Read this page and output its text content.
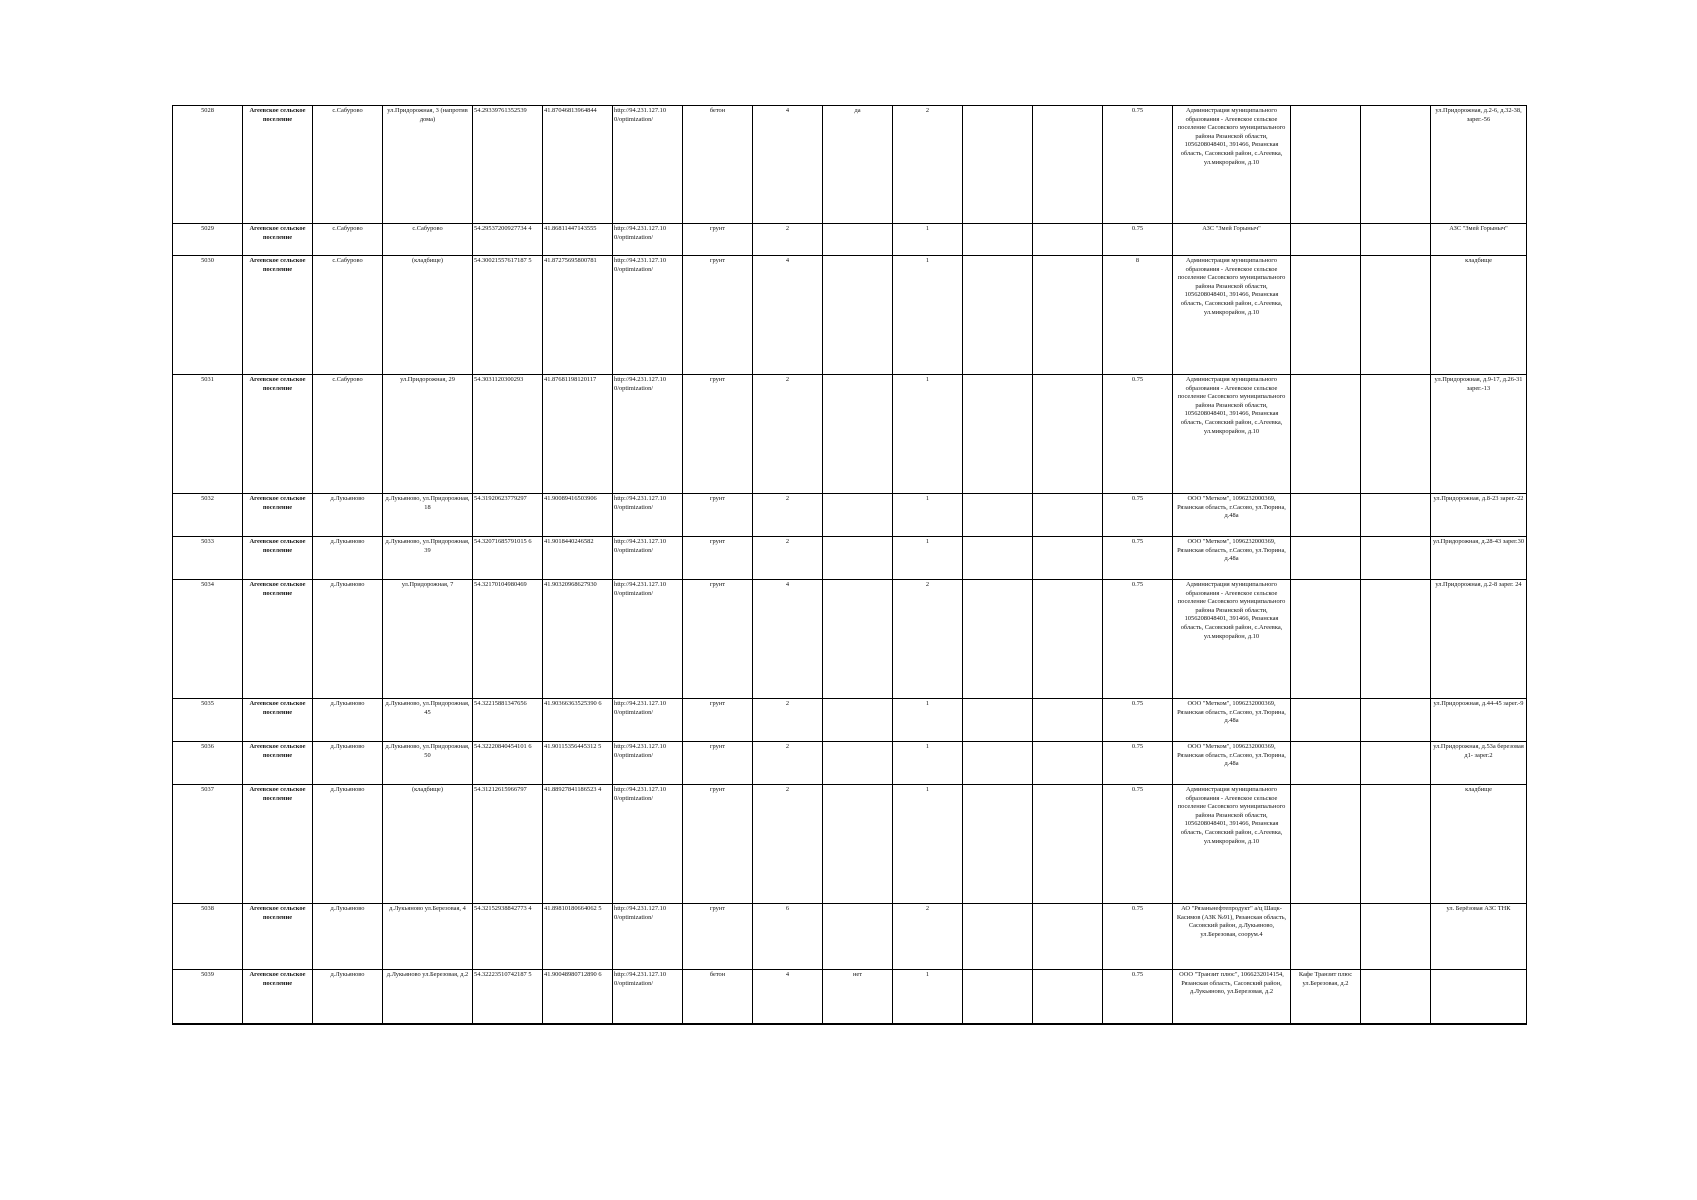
5028	Агеевское сельское поселение	с.Сабурово	ул.Придорожная, 3 (напротив дома)	54.29339761352539	41.87046813964844	http://94.231.127.10 0/optimization/	бетон	4	да	2			0.75	Администрация муниципального образования - Агеевское сельское поселение Сасовского муниципального района Рязанской области, 1056208048401, 391466, Рязанская область, Сасовский район, с.Агеевка, ул.микрорайон, д.10			ул.Придорожная, д.2-6, д.32-38, зарег.-56
5029	Агеевское сельское поселение	с.Сабурово	с.Сабурово	54.29537200927734 4	41.86811447143555	http://94.231.127.10 0/optimization/	грунт	2		1			0.75	АЗС "Змей Горыныч"			АЗС "Змей Горыныч"
5030	Агеевское сельское поселение	с.Сабурово	(кладбище)	54.30021557617187 5	41.87275695800781	http://94.231.127.10 0/optimization/	грунт	4		1			8	Администрация муниципального образования - Агеевское сельское поселение Сасовского муниципального района Рязанской области, 1056208048401, 391466, Рязанская область, Сасовский район, с.Агеевка, ул.микрорайон, д.10			кладбище
5031	Агеевское сельское поселение	с.Сабурово	ул.Придорожная, 29	54.3031120300293	41.87681198120117	http://94.231.127.10 0/optimization/	грунт	2		1			0.75	Администрация муниципального образования - Агеевское сельское поселение Сасовского муниципального района Рязанской области, 1056208048401, 391466, Рязанская область, Сасовский район, с.Агеевка, ул.микрорайон, д.10			ул.Придорожная, д.9-17, д.26-31 зарег.-13
5032	Агеевское сельское поселение	д.Лукьяново	д.Лукьяново, ул.Придорожная, 18	54.31920623779297	41.90089416503906	http://94.231.127.10 0/optimization/	грунт	2		1			0.75	ООО "Метком", 1096232000369, Рязанская область, г.Сасово, ул.Тюрина, д.48а			ул.Придорожная, д.8-23 зарег.-22
5033	Агеевское сельское поселение	д.Лукьяново	д.Лукьяново, ул.Придорожная, 39	54.32071685791015 6	41.9018440246582	http://94.231.127.10 0/optimization/	грунт	2		1			0.75	ООО "Метком", 1096232000369, Рязанская область, г.Сасово, ул.Тюрина, д.48а			ул.Придорожная, д.28-43 зарег.30
5034	Агеевское сельское поселение	д.Лукьяново	ул.Придорожная, 7	54.32170104980469	41.90320968627930	http://94.231.127.10 0/optimization/	грунт	4		2			0.75	Администрация муниципального образования - Агеевское сельское поселение Сасовского муниципального района Рязанской области, 1056208048401, 391466, Рязанская область, Сасовский район, с.Агеевка, ул.микрорайон, д.10			ул.Придорожная, д.2-8 зарег. 24
5035	Агеевское сельское поселение	д.Лукьяново	д.Лукьяново, ул.Придорожная, 45	54.32215881347656	41.90366363525390 6	http://94.231.127.10 0/optimization/	грунт	2		1			0.75	ООО "Метком", 1096232000369, Рязанская область, г.Сасово, ул.Тюрина, д.48а			ул.Придорожная, д.44-45 зарег.-9
5036	Агеевское сельское поселение	д.Лукьяново	д.Лукьяново, ул.Придорожная, 50	54.32220840454101 6	41.90115356445312 5	http://94.231.127.10 0/optimization/	грунт	2		1			0.75	ООО "Метком", 1096232000369, Рязанская область, г.Сасово, ул.Тюрина, д.48а			ул.Придорожная, д.53а березовая д1- зарег.2
5037	Агеевское сельское поселение	д.Лукьяново	(кладбище)	54.31212615966797	41.88927841186523 4	http://94.231.127.10 0/optimization/	грунт	2		1			0.75	Администрация муниципального образования - Агеевское сельское поселение Сасовского муниципального района Рязанской области, 1056208048401, 391466, Рязанская область, Сасовский район, с.Агеевка, ул.микрорайон, д.10			кладбище
5038	Агеевское сельское поселение	д.Лукьяново	д.Лукьяново ул.Березовая, 4	54.32152938842773 4	41.89810180664062 5	http://94.231.127.10 0/optimization/	грунт	6		2			0.75	АО "Рязаньнефтепродукт" а/ц Шацк-Касимов (АЗК №91), Рязанская область, Сасовский район, д.Лукьяново, ул.Березовая, соорум.4			ул. Берёзовая АЗС ТНК
5039	Агеевское сельское поселение	д.Лукьяново	д.Лукьяново ул.Березовая, д.2	54.32223510742187 5	41.90048980712890 6	http://94.231.127.10 0/optimization/	бетон	4	нет	1			0.75	ООО "Транзит плюс", 1066232014154, Рязанская область, Сасовский район, д.Лукьяново, ул.Березовая, д.2	Кафе Транзит плюс ул.Березовая, д.2		
